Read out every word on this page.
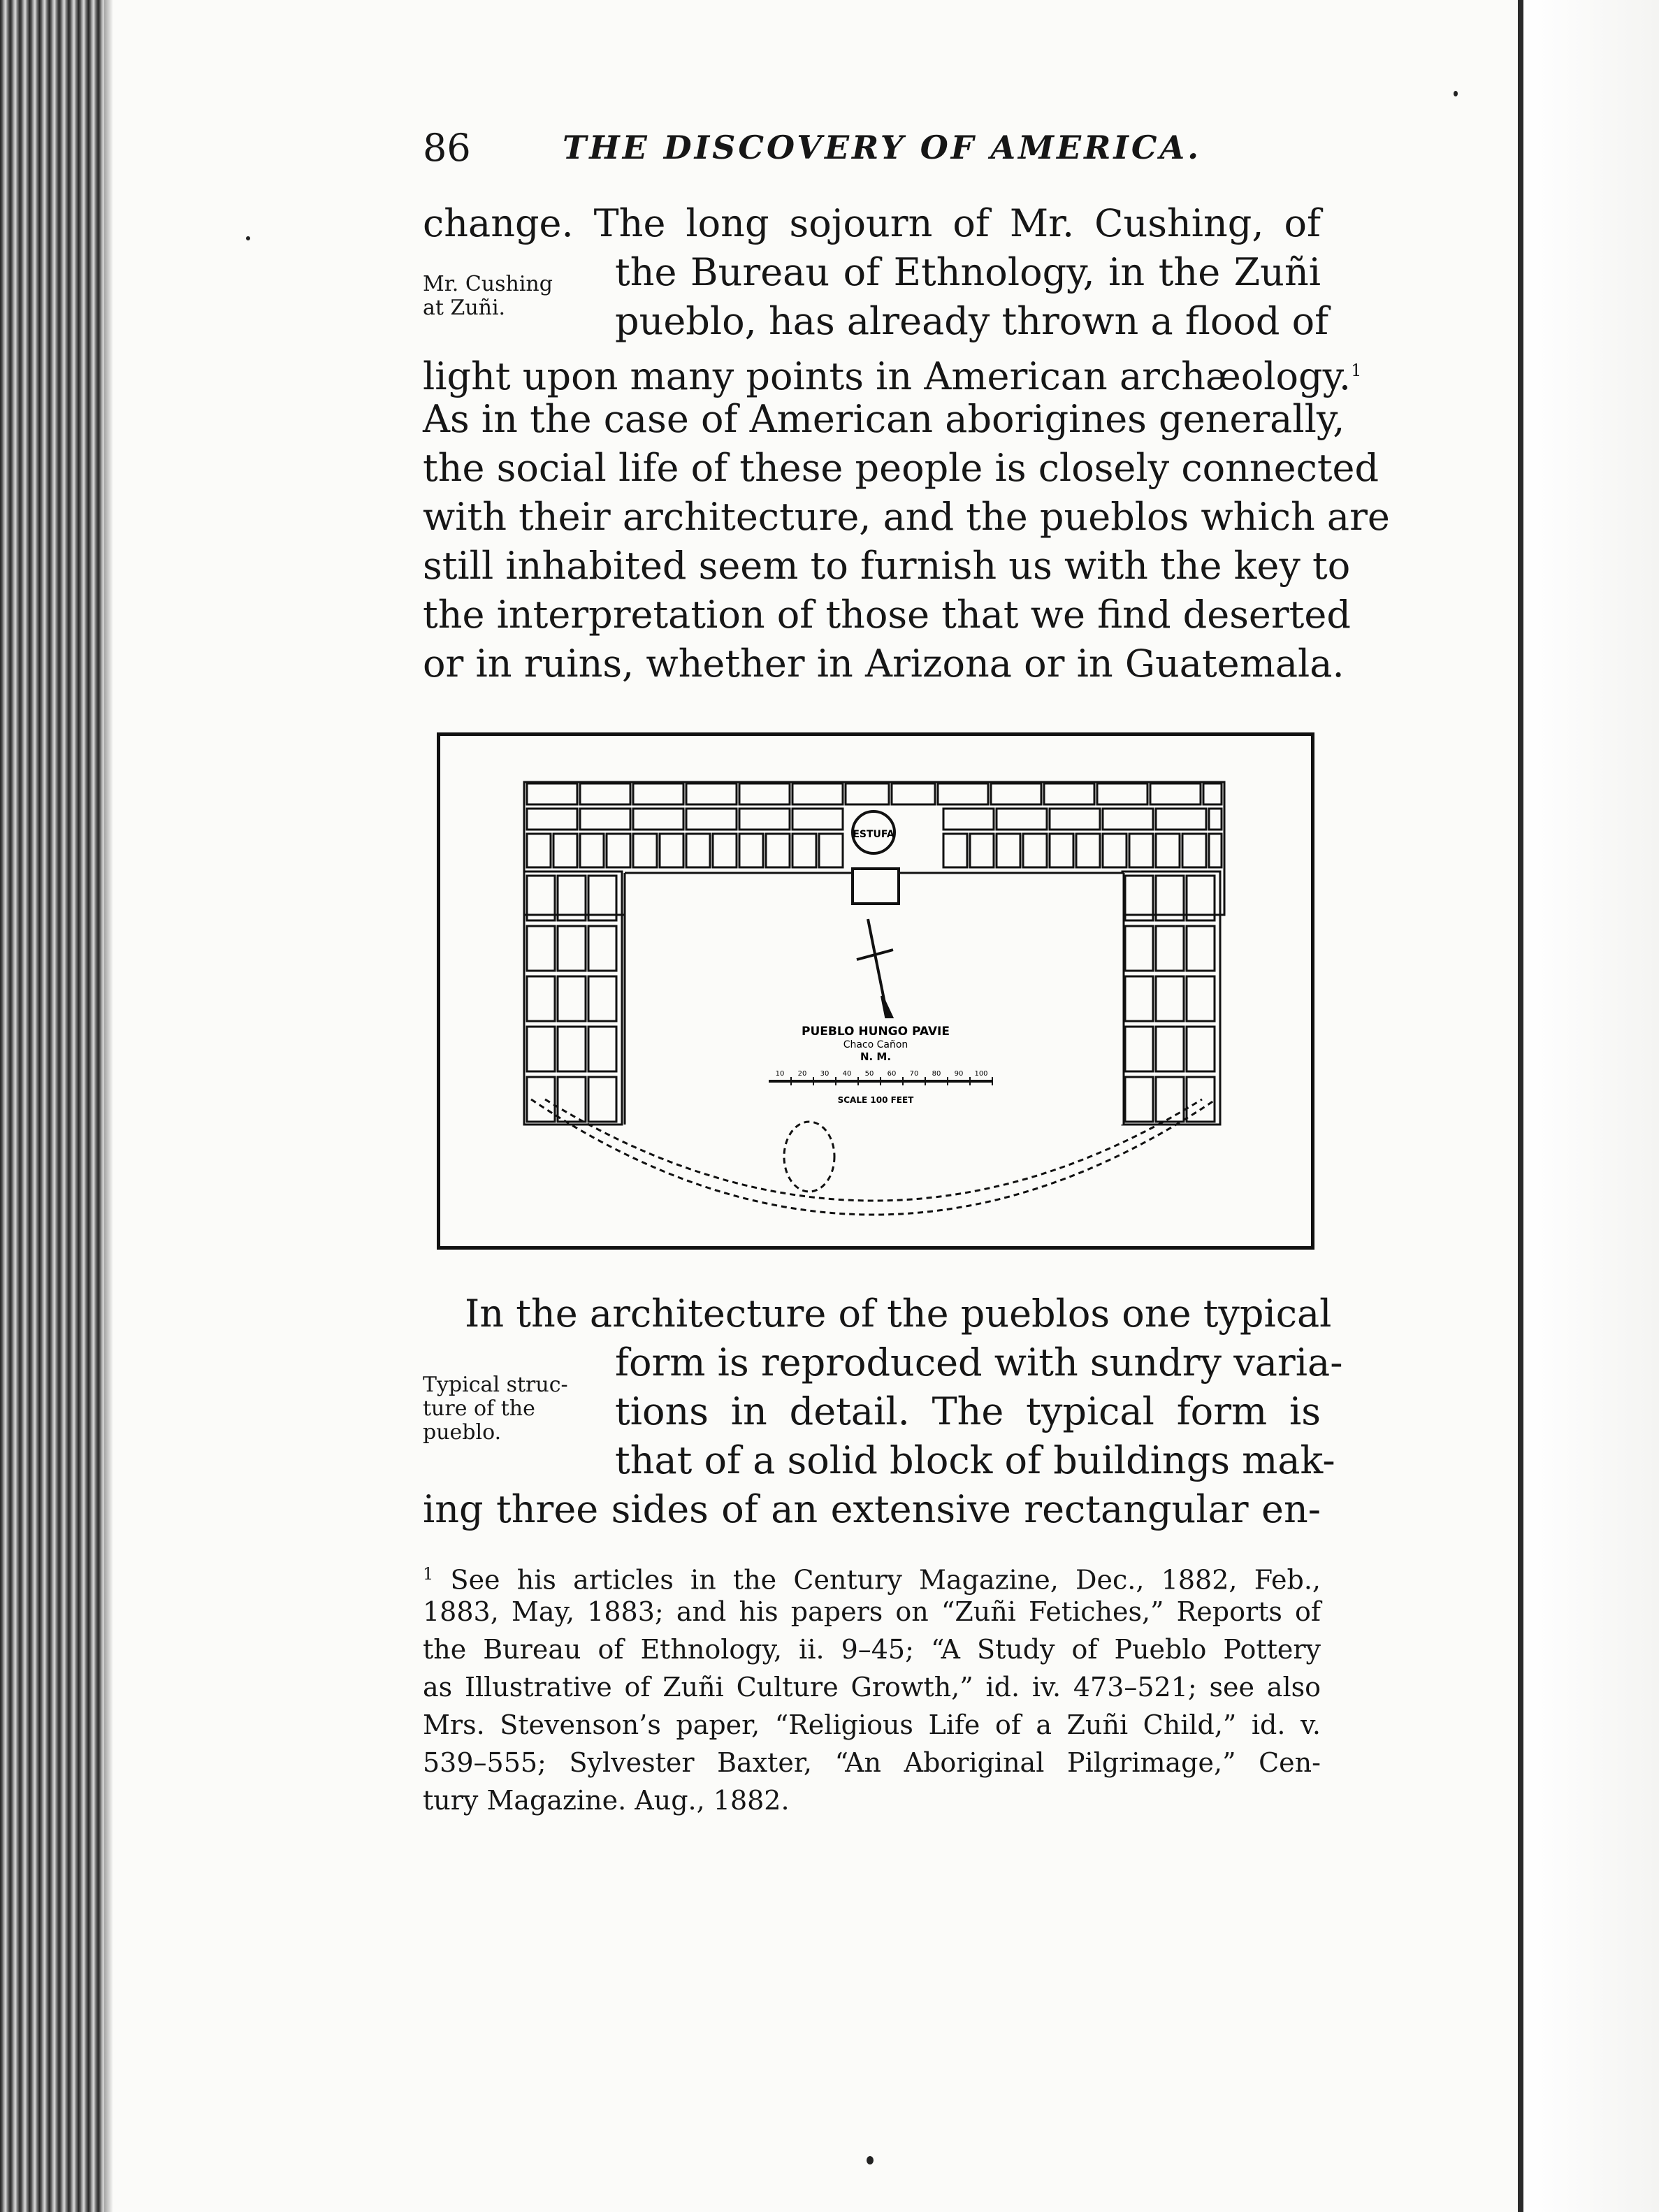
86	THE DISCOVERY OF AMERICA.
change. The long sojourn of Mr. Cushing, of
Mr. Cushing
at Zuñi.
the Bureau of Ethnology, in the Zuñi
pueblo, has already thrown a flood of
light upon many points in American archæology.$^1$
As in the case of American aborigines generally,
the social life of these people is closely connected
with their architecture, and the pueblos which are
still inhabited seem to furnish us with the key to
the interpretation of those that we find deserted
or in ruins, whether in Arizona or in Guatemala.
ESTUFA
PUEBLO HUNGO PAVIE
Chaco Cañon
N. M.
10 20 30 40 50 60 70 80 90 100
SCALE 100 FEET
In the architecture of the pueblos one typical
form is reproduced with sundry varia-
Typical struc-
ture of the
pueblo.	tions in detail. The typical form is
that of a solid block of buildings mak-
ing three sides of an extensive rectangular en-
$^1$ See his articles in the Century Magazine, Dec., 1882, Feb.,
1883, May, 1883; and his papers on “Zuñi Fetiches,” Reports of
the Bureau of Ethnology, ii. 9–45; “A Study of Pueblo Pottery
as Illustrative of Zuñi Culture Growth,” id. iv. 473–521; see also
Mrs. Stevenson’s paper, “Religious Life of a Zuñi Child,” id. v.
539–555; Sylvester Baxter, “An Aboriginal Pilgrimage,” Cen-
tury Magazine. Aug., 1882.
